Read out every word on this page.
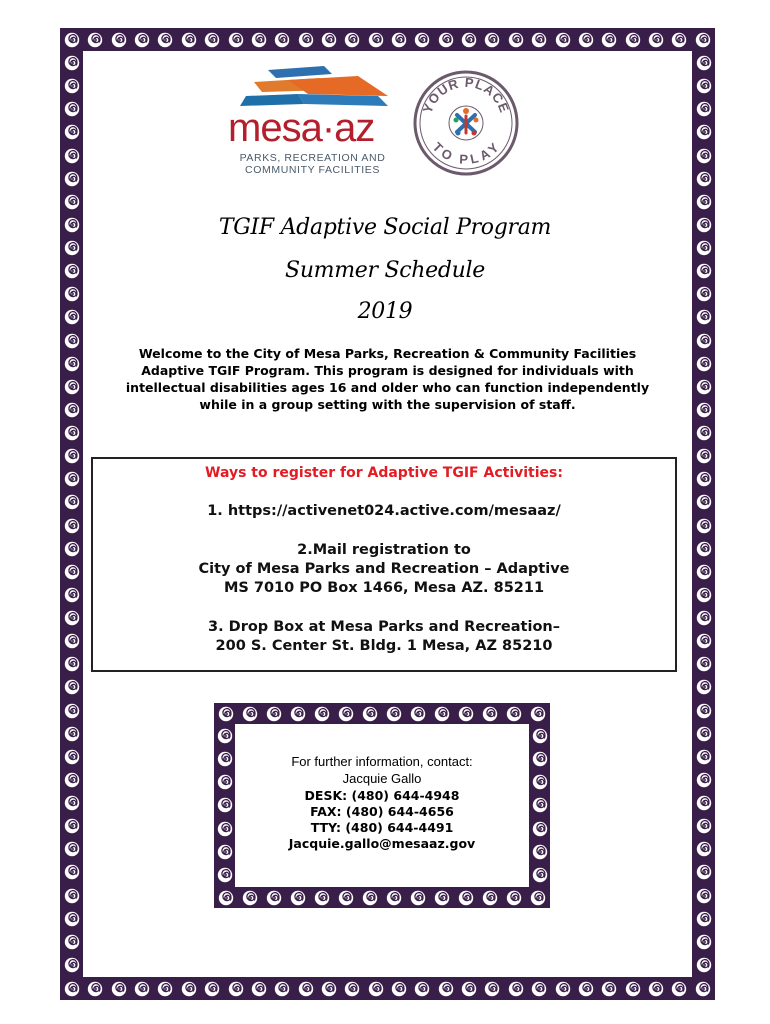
mesa·az
PARKS, RECREATION AND
COMMUNITY FACILITIES
YOUR PLACE
TO PLAY
TGIF Adaptive Social Program
Summer Schedule
2019
Welcome to the City of Mesa Parks, Recreation & Community Facilities
Adaptive TGIF Program. This program is designed for individuals with
intellectual disabilities ages 16 and older who can function independently
while in a group setting with the supervision of staff.
Ways to register for Adaptive TGIF Activities:
1. https://activenet024.active.com/mesaaz/
2.Mail registration to
City of Mesa Parks and Recreation – Adaptive
MS 7010 PO Box 1466, Mesa AZ. 85211
3. Drop Box at Mesa Parks and Recreation–
200 S. Center St. Bldg. 1 Mesa, AZ 85210
For further information, contact:
Jacquie Gallo
DESK: (480) 644-4948
FAX: (480) 644-4656
TTY: (480) 644-4491
Jacquie.gallo@mesaaz.gov
